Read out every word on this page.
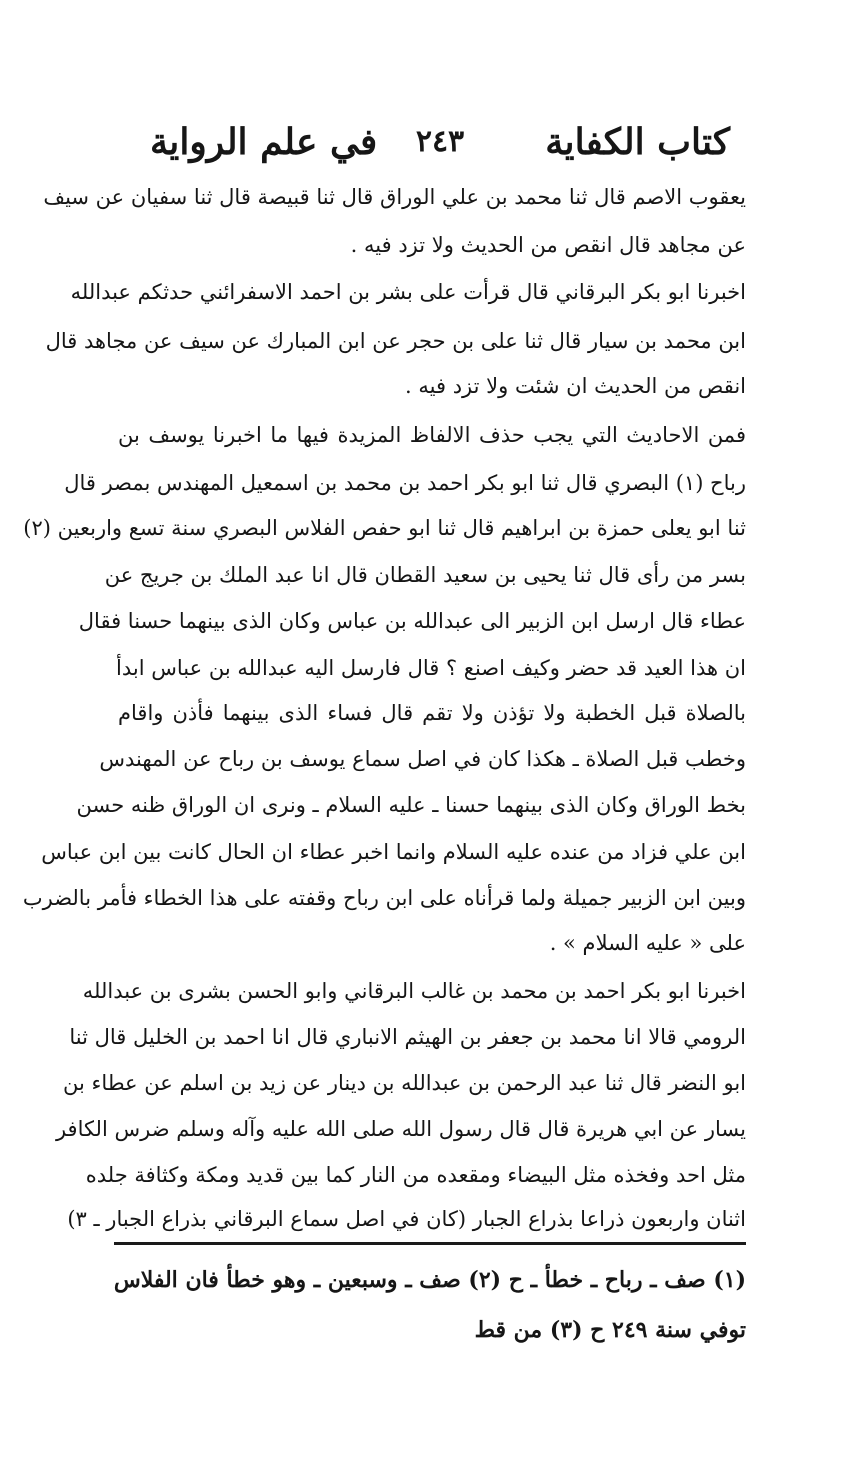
كتاب الكفاية
٢٤٣
في علم الرواية
يعقوب الاصم قال ثنا محمد بن علي الوراق قال ثنا قبيصة قال ثنا سفيان عن سيف
عن مجاهد قال انقص من الحديث ولا تزد فيه .
اخبرنا ابو بكر البرقاني قال قرأت على بشر بن احمد الاسفرائني حدثكم عبدالله
ابن محمد بن سيار قال ثنا على بن حجر عن ابن المبارك عن سيف عن مجاهد قال
انقص من الحديث ان شئت ولا تزد فيه .
فمن الاحاديث التي يجب حذف الالفاظ المزيدة فيها ما اخبرنا يوسف بن
رباح (١) البصري قال ثنا ابو بكر احمد بن محمد بن اسمعيل المهندس بمصر قال
ثنا ابو يعلى حمزة بن ابراهيم قال ثنا ابو حفص الفلاس البصري سنة تسع واربعين (٢)
بسر من رأى قال ثنا يحيى بن سعيد القطان قال انا عبد الملك بن جريج عن
عطاء قال ارسل ابن الزبير الى عبدالله بن عباس وكان الذى بينهما حسنا فقال
ان هذا العيد قد حضر وكيف اصنع ؟ قال فارسل اليه عبدالله بن عباس ابدأ
بالصلاة قبل الخطبة ولا تؤذن ولا تقم قال فساء الذى بينهما فأذن واقام
وخطب قبل الصلاة ـ هكذا كان في اصل سماع يوسف بن رباح عن المهندس
بخط الوراق وكان الذى بينهما حسنا ـ عليه السلام ـ ونرى ان الوراق ظنه حسن
ابن علي فزاد من عنده عليه السلام وانما اخبر عطاء ان الحال كانت بين ابن عباس
وبين ابن الزبير جميلة ولما قرأناه على ابن رباح وقفته على هذا الخطاء فأمر بالضرب
على « عليه السلام » .
اخبرنا ابو بكر احمد بن محمد بن غالب البرقاني وابو الحسن بشرى بن عبدالله
الرومي قالا انا محمد بن جعفر بن الهيثم الانباري قال انا احمد بن الخليل قال ثنا
ابو النضر قال ثنا عبد الرحمن بن عبدالله بن دينار عن زيد بن اسلم عن عطاء بن
يسار عن ابي هريرة قال قال رسول الله صلى الله عليه وآله وسلم ضرس الكافر
مثل احد وفخذه مثل البيضاء ومقعده من النار كما بين قديد ومكة وكثافة جلده
اثنان واربعون ذراعا بذراع الجبار (كان في اصل سماع البرقاني بذراع الجبار ـ ٣)
(١) صف ـ رباح ـ خطأ ـ ح (٢) صف ـ وسبعين ـ وهو خطأ فان الفلاس
توفي سنة ٢٤٩ ح (٣) من قط
